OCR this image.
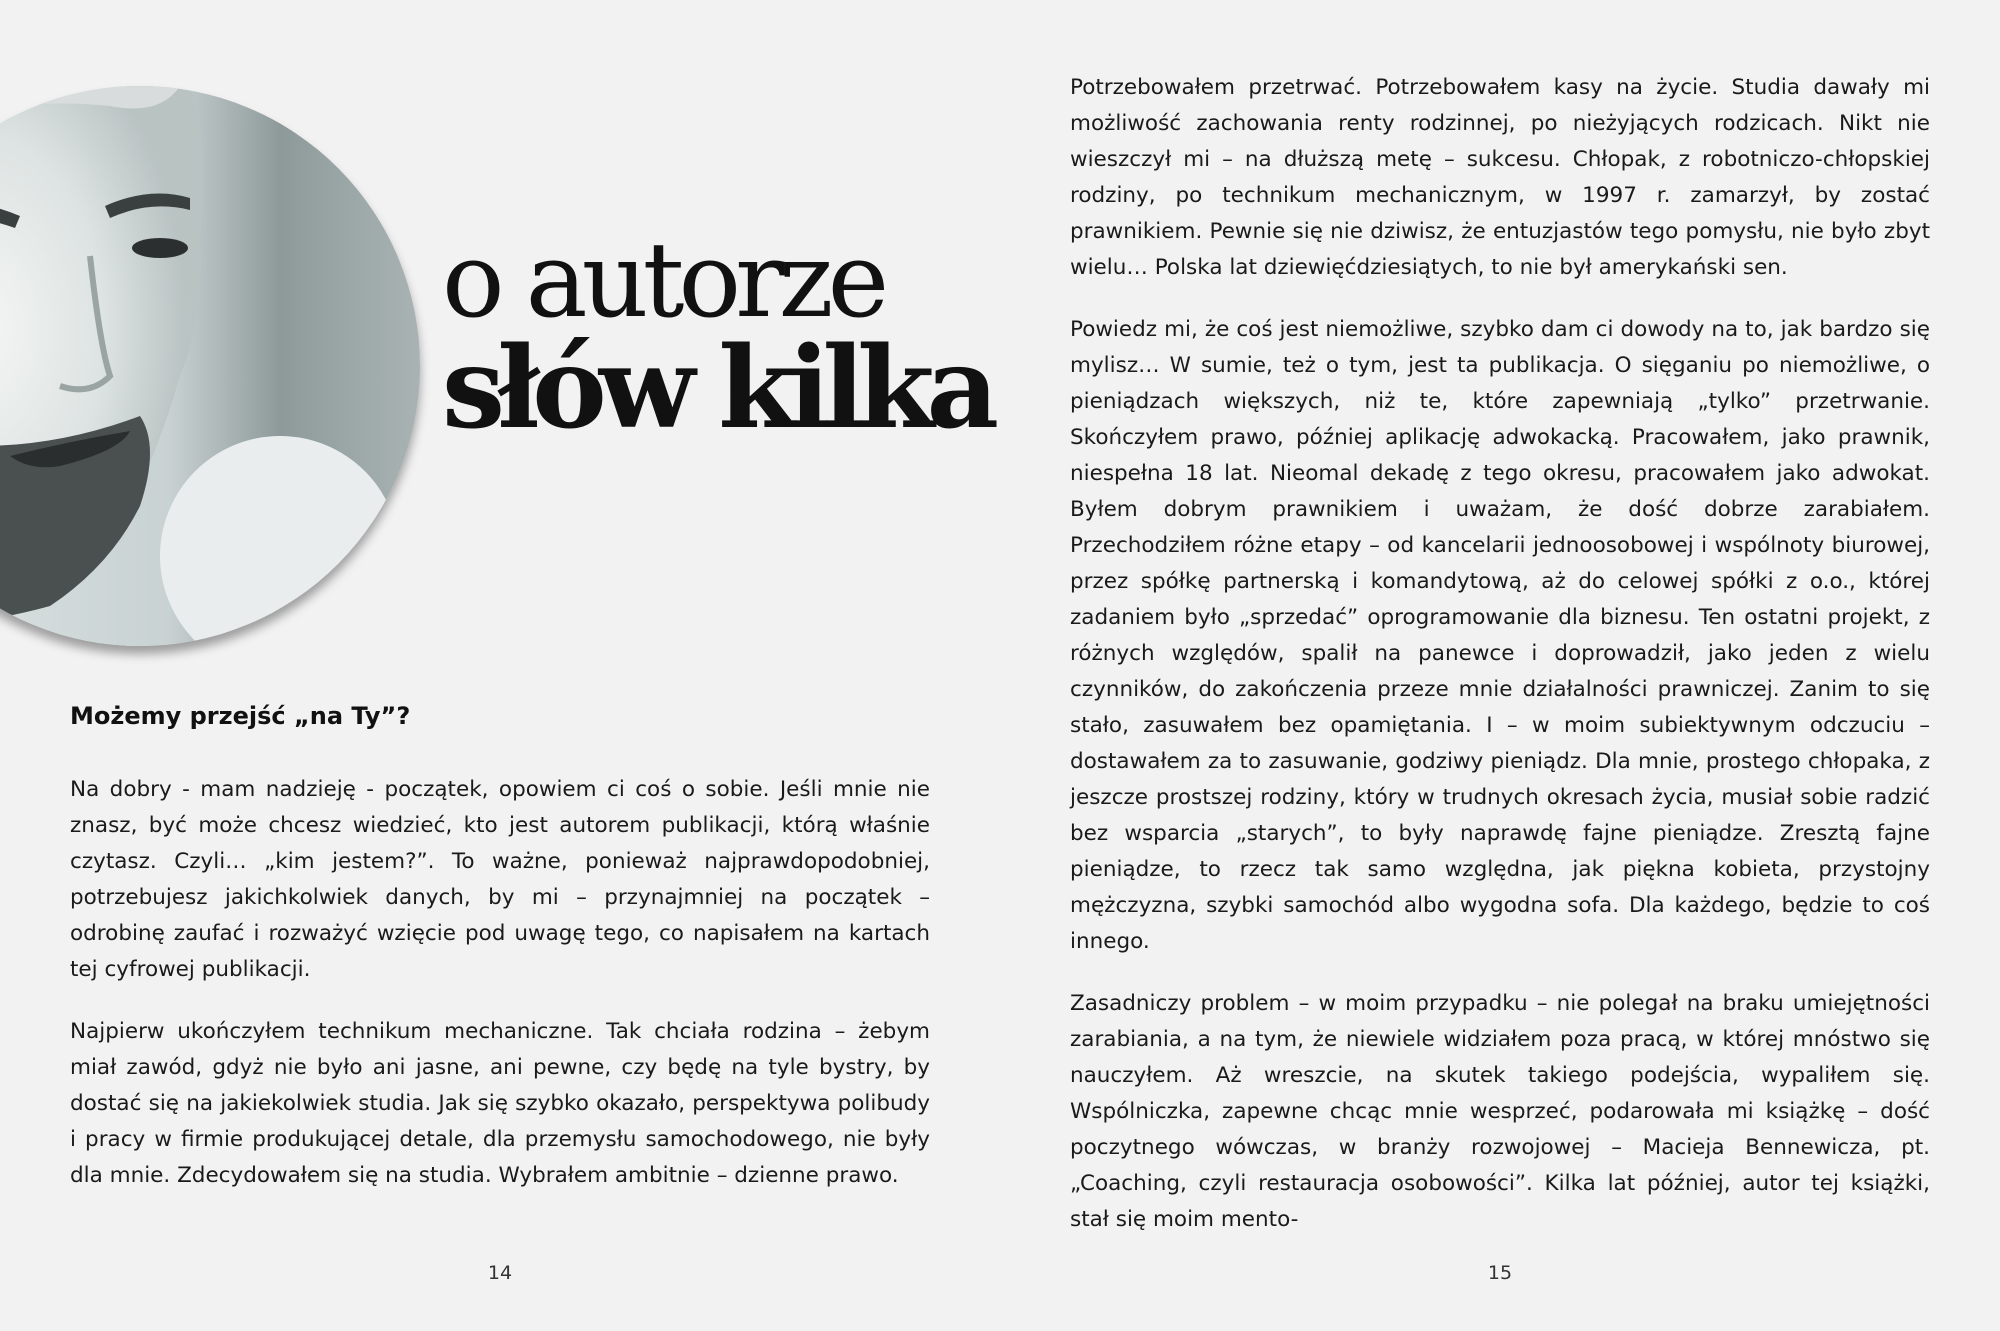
o autorze
słów kilka
Możemy przejść „na Ty”?

Na dobry - mam nadzieję - początek, opowiem ci coś o sobie. Jeśli mnie nie znasz, być może chcesz wiedzieć, kto jest autorem publikacji, którą właśnie czytasz. Czyli… „kim jestem?”. To ważne, ponieważ najprawdopodobniej, potrzebujesz jakichkolwiek danych, by mi – przynajmniej na początek – odrobinę zaufać i rozważyć wzięcie pod uwagę tego, co napisałem na kartach tej cyfrowej publikacji.

Najpierw ukończyłem technikum mechaniczne. Tak chciała rodzina – żebym miał zawód, gdyż nie było ani jasne, ani pewne, czy będę na tyle bystry, by dostać się na jakiekolwiek studia. Jak się szybko okazało, perspektywa polibudy i pracy w firmie produkującej detale, dla przemysłu samochodowego, nie były dla mnie. Zdecydowałem się na studia. Wybrałem ambitnie – dzienne prawo.

14

Potrzebowałem przetrwać. Potrzebowałem kasy na życie. Studia dawały mi możliwość zachowania renty rodzinnej, po nieżyjących rodzicach. Nikt nie wieszczył mi – na dłuższą metę – sukcesu. Chłopak, z robotniczo-chłopskiej rodziny, po technikum mechanicznym, w 1997 r. zamarzył, by zostać prawnikiem. Pewnie się nie dziwisz, że entuzjastów tego pomysłu, nie było zbyt wielu… Polska lat dziewięćdziesiątych, to nie był amerykański sen.

Powiedz mi, że coś jest niemożliwe, szybko dam ci dowody na to, jak bardzo się mylisz… W sumie, też o tym, jest ta publikacja. O sięganiu po niemożliwe, o pieniądzach większych, niż te, które zapewniają „tylko” przetrwanie. Skończyłem prawo, później aplikację adwokacką. Pracowałem, jako prawnik, niespełna 18 lat. Nieomal dekadę z tego okresu, pracowałem jako adwokat. Byłem dobrym prawnikiem i uważam, że dość dobrze zarabiałem. Przechodziłem różne etapy – od kancelarii jednoosobowej i wspólnoty biurowej, przez spółkę partnerską i komandytową, aż do celowej spółki z o.o., której zadaniem było „sprzedać” oprogramowanie dla biznesu. Ten ostatni projekt, z różnych względów, spalił na panewce i doprowadził, jako jeden z wielu czynników, do zakończenia przeze mnie działalności prawniczej. Zanim to się stało, zasuwałem bez opamiętania. I – w moim subiektywnym odczuciu – dostawałem za to zasuwanie, godziwy pieniądz. Dla mnie, prostego chłopaka, z jeszcze prostszej rodziny, który w trudnych okresach życia, musiał sobie radzić bez wsparcia „starych”, to były naprawdę fajne pieniądze. Zresztą fajne pieniądze, to rzecz tak samo względna, jak piękna kobieta, przystojny mężczyzna, szybki samochód albo wygodna sofa. Dla każdego, będzie to coś innego.

Zasadniczy problem – w moim przypadku – nie polegał na braku umiejętności zarabiania, a na tym, że niewiele widziałem poza pracą, w której mnóstwo się nauczyłem. Aż wreszcie, na skutek takiego podejścia, wypaliłem się. Wspólniczka, zapewne chcąc mnie wesprzeć, podarowała mi książkę – dość poczytnego wówczas, w branży rozwojowej – Macieja Bennewicza, pt. „Coaching, czyli restauracja osobowości”. Kilka lat później, autor tej książki, stał się moim mento-

15
